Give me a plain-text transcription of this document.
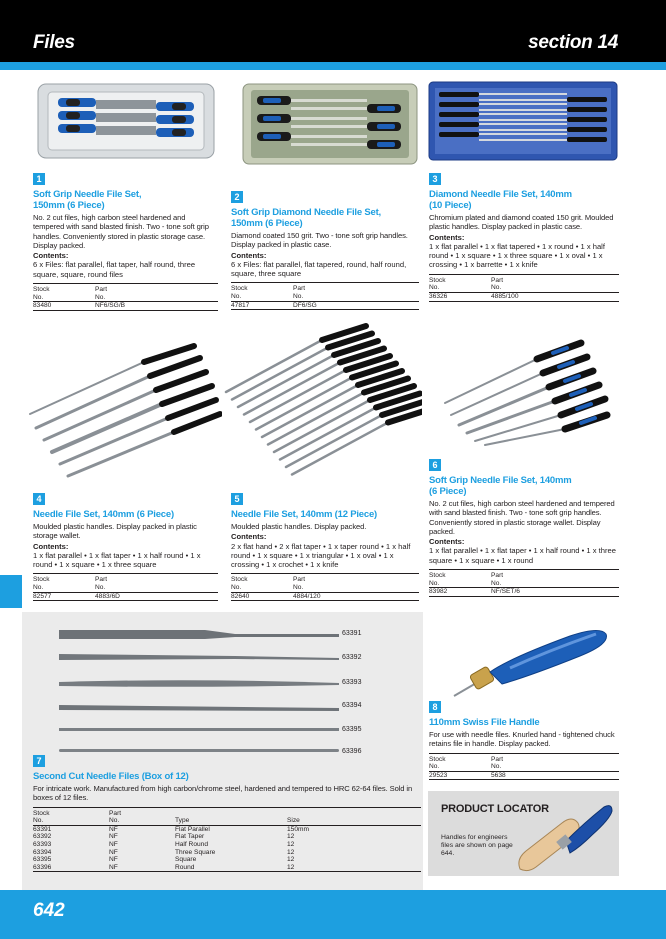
Files	section 14
1
Soft Grip Needle File Set,
150mm (6 Piece)
No. 2 cut files, high carbon steel hardened and tempered with sand blasted finish. Two - tone soft grip handles. Conveniently stored in plastic storage case. Display packed.
Contents:
6 x Files: flat parallel, flat taper, half round, three square, square, round files
Stock	Part
No.	No.
83480	NF6/SG/B
2
Soft Grip Diamond Needle File Set,
150mm (6 Piece)
Diamond coated 150 grit. Two - tone soft grip handles. Display packed in plastic case.
Contents:
6 x Files: flat parallel, flat tapered, round, half round, square, three square
Stock	Part
No.	No.
47817	DF6/SG
3
Diamond Needle File Set, 140mm
(10 Piece)
Chromium plated and diamond coated 150 grit. Moulded plastic handles. Display packed in plastic case.
Contents:
1 x flat parallel • 1 x flat tapered • 1 x round • 1 x half round • 1 x square • 1 x three square • 1 x oval • 1 x crossing • 1 x barrette • 1 x knife
Stock	Part
No.	No.
36326	4885/100
4
Needle File Set, 140mm (6 Piece)
Moulded plastic handles. Display packed in plastic storage wallet.
Contents:
1 x flat parallel • 1 x flat taper • 1 x half round • 1 x round • 1 x square • 1 x three square
Stock	Part
No.	No.
82577	4883/6D
5
Needle File Set, 140mm (12 Piece)
Moulded plastic handles. Display packed.
Contents:
2 x flat hand • 2 x flat taper • 1 x taper round • 1 x half round • 1 x square • 1 x triangular • 1 x oval • 1 x crossing • 1 x crochet • 1 x knife
Stock	Part
No.	No.
82640	4884/120
6
Soft Grip Needle File Set, 140mm
(6 Piece)
No. 2 cut files, high carbon steel hardened and tempered with sand blasted finish. Two - tone soft grip handles. Conveniently stored in plastic storage wallet. Display packed.
Contents:
1 x flat parallel • 1 x flat taper • 1 x half round • 1 x three square • 1 x square • 1 x round
Stock	Part
No.	No.
83982	NF/SET/6
63391
63392
63393
63394
63395
63396
7
Second Cut Needle Files (Box of 12)
For intricate work. Manufactured from high carbon/chrome steel, hardened and tempered to HRC 62-64 files. Sold in boxes of 12 files.
Stock	Part		
No.	No.	Type	Size
63391	NF	Flat Parallel	150mm
63392	NF	Flat Taper	12
63393	NF	Half Round	12
63394	NF	Three Square	12
63395	NF	Square	12
63396	NF	Round	12
8
110mm Swiss File Handle
For use with needle files. Knurled hand - tightened chuck retains file in handle. Display packed.
Stock	Part
No.	No.
29523	5638
PRODUCT LOCATOR
Handles for engineers files are shown on page 644.
642
